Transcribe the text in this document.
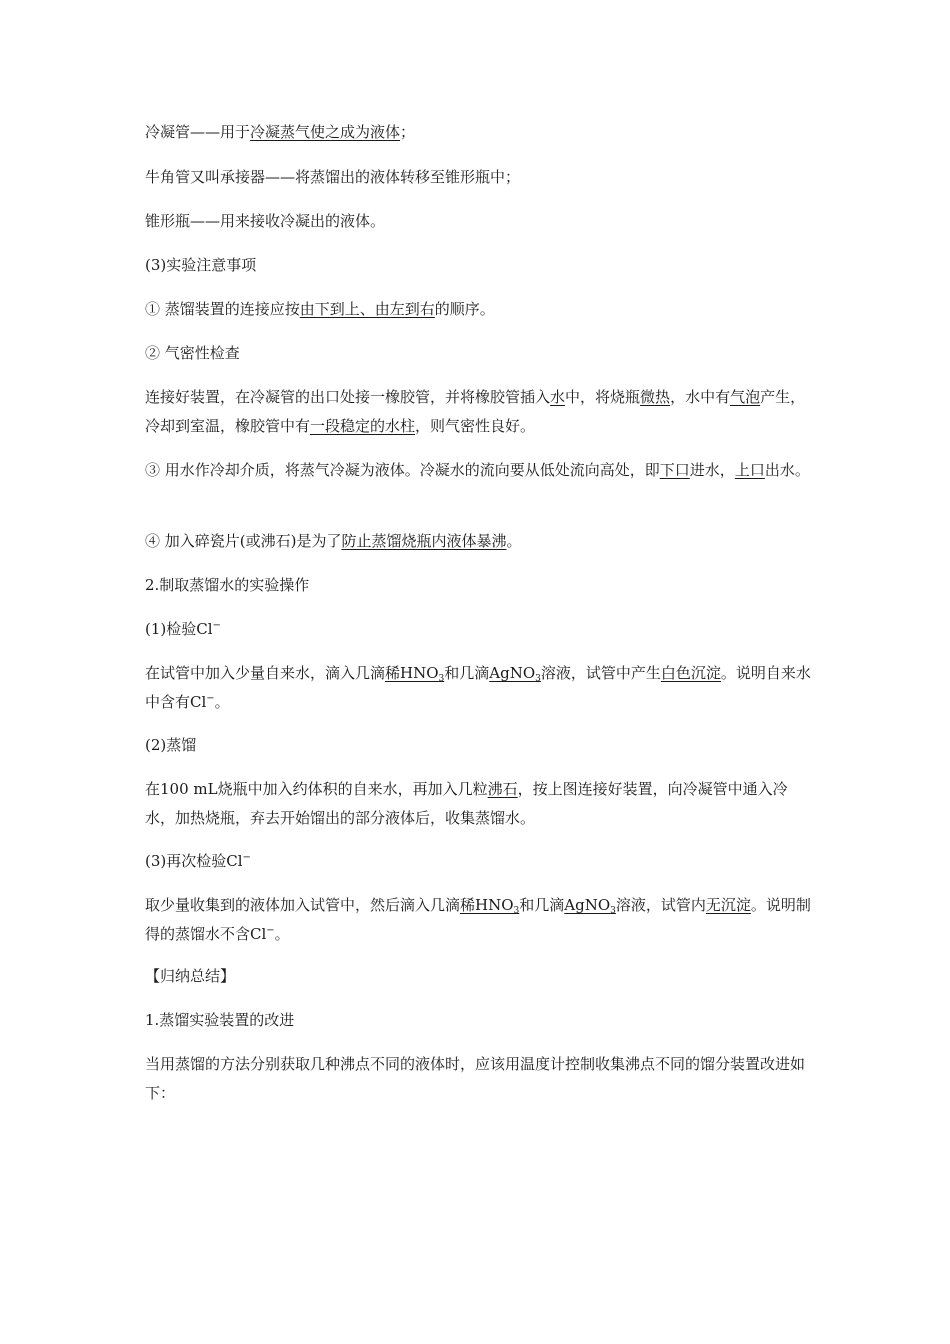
冷凝管——用于冷凝蒸气使之成为液体；

牛角管又叫承接器——将蒸馏出的液体转移至锥形瓶中；

锥形瓶——用来接收冷凝出的液体。

(3)实验注意事项

① 蒸馏装置的连接应按由下到上、由左到右的顺序。

② 气密性检查

连接好装置，在冷凝管的出口处接一橡胶管，并将橡胶管插入水中，将烧瓶微热，水中有气泡产生，冷却到室温，橡胶管中有一段稳定的水柱，则气密性良好。

③ 用水作冷却介质，将蒸气冷凝为液体。冷凝水的流向要从低处流向高处，即下口进水，上口出水。

④ 加入碎瓷片(或沸石)是为了防止蒸馏烧瓶内液体暴沸。

2.制取蒸馏水的实验操作

(1)检验Cl−

在试管中加入少量自来水，滴入几滴稀$HNO_3$和几滴AgNO$_3$溶液，试管中产生白色沉淀。说明自来水中含有Cl−。

(2)蒸馏

在100 mL烧瓶中加入约体积的自来水，再加入几粒沸石，按上图连接好装置，向冷凝管中通入冷水，加热烧瓶，弃去开始馏出的部分液体后，收集蒸馏水。

(3)再次检验Cl−

取少量收集到的液体加入试管中，然后滴入几滴稀$HNO_3$和几滴AgNO$_3$溶液，试管内无沉淀。说明制得的蒸馏水不含Cl−。

【归纳总结】

1.蒸馏实验装置的改进

当用蒸馏的方法分别获取几种沸点不同的液体时，应该用温度计控制收集沸点不同的馏分装置改进如下：
